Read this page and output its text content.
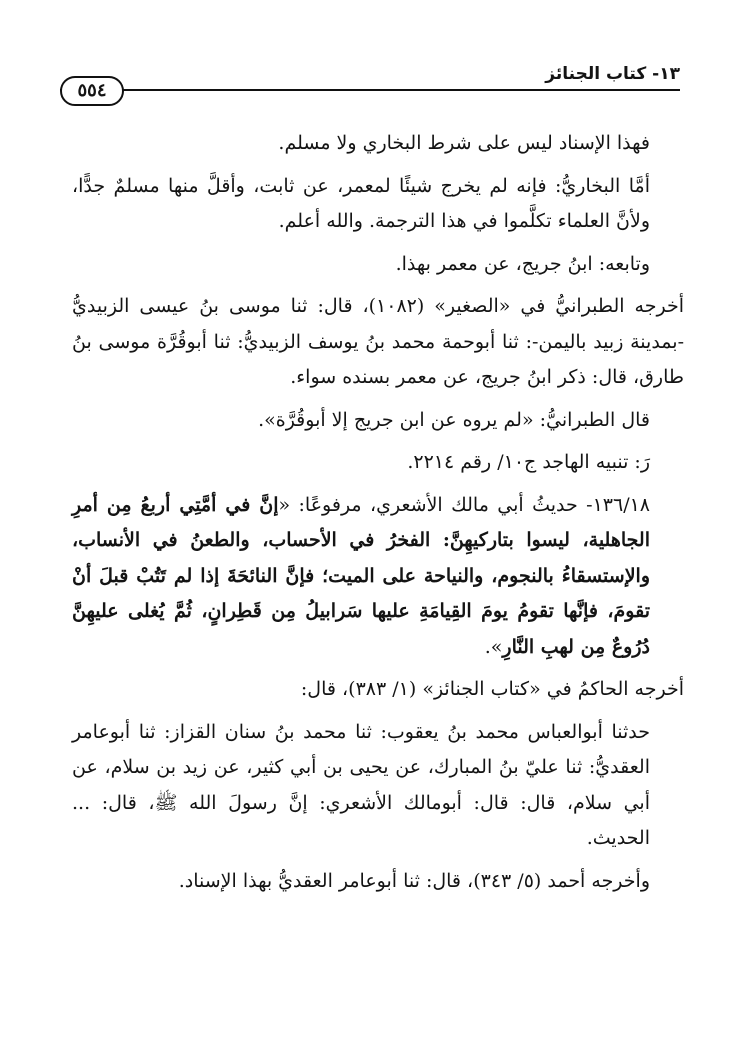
١٣- كتاب الجنائز
٥٥٤

فهذا الإسناد ليس على شرط البخاري ولا مسلم.

أمَّا البخاريُّ: فإنه لم يخرج شيئًا لمعمر، عن ثابت، وأقلَّ منها مسلمٌ جدًّا، ولأنَّ العلماء تكلَّموا في هذا الترجمة. والله أعلم.

وتابعه: ابنُ جريج، عن معمر بهذا.

أخرجه الطبرانيُّ في «الصغير» (١٠٨٢)، قال: ثنا موسى بنُ عيسى الزبيديُّ -بمدينة زبيد باليمن-: ثنا أبوحمة محمد بنُ يوسف الزبيديُّ: ثنا أبوقُرَّة موسى بنُ طارق، قال: ذكر ابنُ جريج، عن معمر بسنده سواء.

قال الطبرانيُّ: «لم يروه عن ابن جريج إلا أبوقُرَّة».

رَ: تنبيه الهاجد ج١٠/ رقم ٢٢١٤.

١٣٦/١٨- حديثُ أبي مالك الأشعري، مرفوعًا: «إنَّ في أمَّتِي أربعُ مِن أمرِ الجاهلية، ليسوا بتاركيهِنَّ: الفخرُ في الأحساب، والطعنُ في الأنساب، والإستسقاءُ بالنجوم، والنياحة على الميت؛ فإنَّ النائحَةَ إذا لم تَتُبْ قبلَ أنْ تقومَ، فإنَّها تقومُ يومَ القِيامَةِ عليها سَرابيلُ مِن قَطِرانٍ، ثُمَّ يُغلى عليهِنَّ دُرُوعٌ مِن لهبِ النَّارِ».

أخرجه الحاكمُ في «كتاب الجنائز» (١/ ٣٨٣)، قال:

حدثنا أبوالعباس محمد بنُ يعقوب: ثنا محمد بنُ سنان القزاز: ثنا أبوعامر العقديُّ: ثنا عليّ بنُ المبارك، عن يحيى بن أبي كثير، عن زيد بن سلام، عن أبي سلام، قال: قال: أبومالك الأشعري: إنَّ رسولَ الله ﷺ، قال: ... الحديث.

وأخرجه أحمد (٥/ ٣٤٣)، قال: ثنا أبوعامر العقديُّ بهذا الإسناد.
